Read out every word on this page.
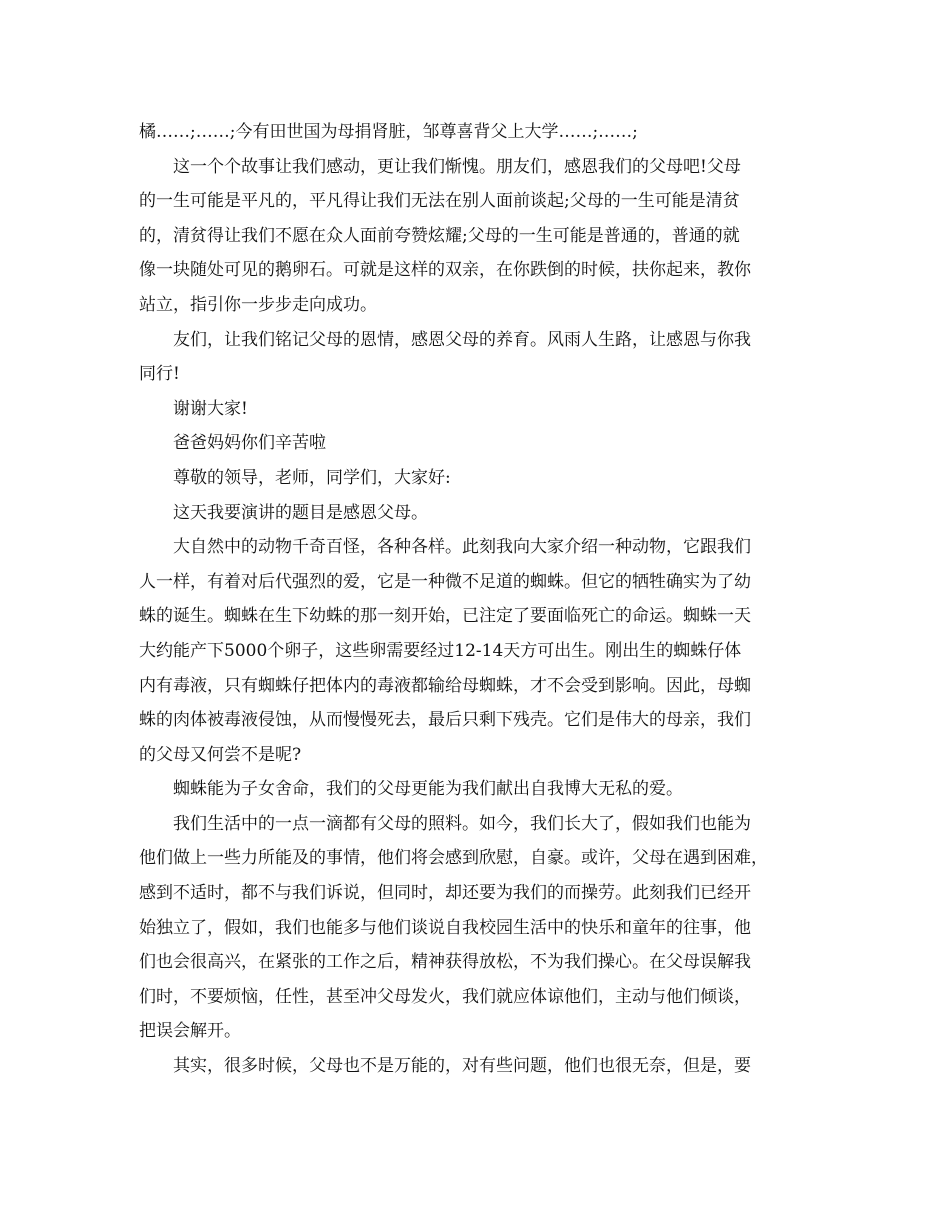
橘……;……;今有田世国为母捐肾脏，邹尊喜背父上大学……;……;
这一个个故事让我们感动，更让我们惭愧。朋友们，感恩我们的父母吧!父母
的一生可能是平凡的，平凡得让我们无法在别人面前谈起;父母的一生可能是清贫
的，清贫得让我们不愿在众人面前夸赞炫耀;父母的一生可能是普通的，普通的就
像一块随处可见的鹅卵石。可就是这样的双亲，在你跌倒的时候，扶你起来，教你
站立，指引你一步步走向成功。
友们，让我们铭记父母的恩情，感恩父母的养育。风雨人生路，让感恩与你我
同行!
谢谢大家!
爸爸妈妈你们辛苦啦
尊敬的领导，老师，同学们，大家好:
这天我要演讲的题目是感恩父母。
大自然中的动物千奇百怪，各种各样。此刻我向大家介绍一种动物，它跟我们
人一样，有着对后代强烈的爱，它是一种微不足道的蜘蛛。但它的牺牲确实为了幼
蛛的诞生。蜘蛛在生下幼蛛的那一刻开始，已注定了要面临死亡的命运。蜘蛛一天
大约能产下5000个卵子，这些卵需要经过12-14天方可出生。刚出生的蜘蛛仔体
内有毒液，只有蜘蛛仔把体内的毒液都输给母蜘蛛，才不会受到影响。因此，母蜘
蛛的肉体被毒液侵蚀，从而慢慢死去，最后只剩下残壳。它们是伟大的母亲，我们
的父母又何尝不是呢?
蜘蛛能为子女舍命，我们的父母更能为我们献出自我博大无私的爱。
我们生活中的一点一滴都有父母的照料。如今，我们长大了，假如我们也能为
他们做上一些力所能及的事情，他们将会感到欣慰，自豪。或许，父母在遇到困难，
感到不适时，都不与我们诉说，但同时，却还要为我们的而操劳。此刻我们已经开
始独立了，假如，我们也能多与他们谈说自我校园生活中的快乐和童年的往事，他
们也会很高兴，在紧张的工作之后，精神获得放松，不为我们操心。在父母误解我
们时，不要烦恼，任性，甚至冲父母发火，我们就应体谅他们，主动与他们倾谈，
把误会解开。
其实，很多时候，父母也不是万能的，对有些问题，他们也很无奈，但是，要
